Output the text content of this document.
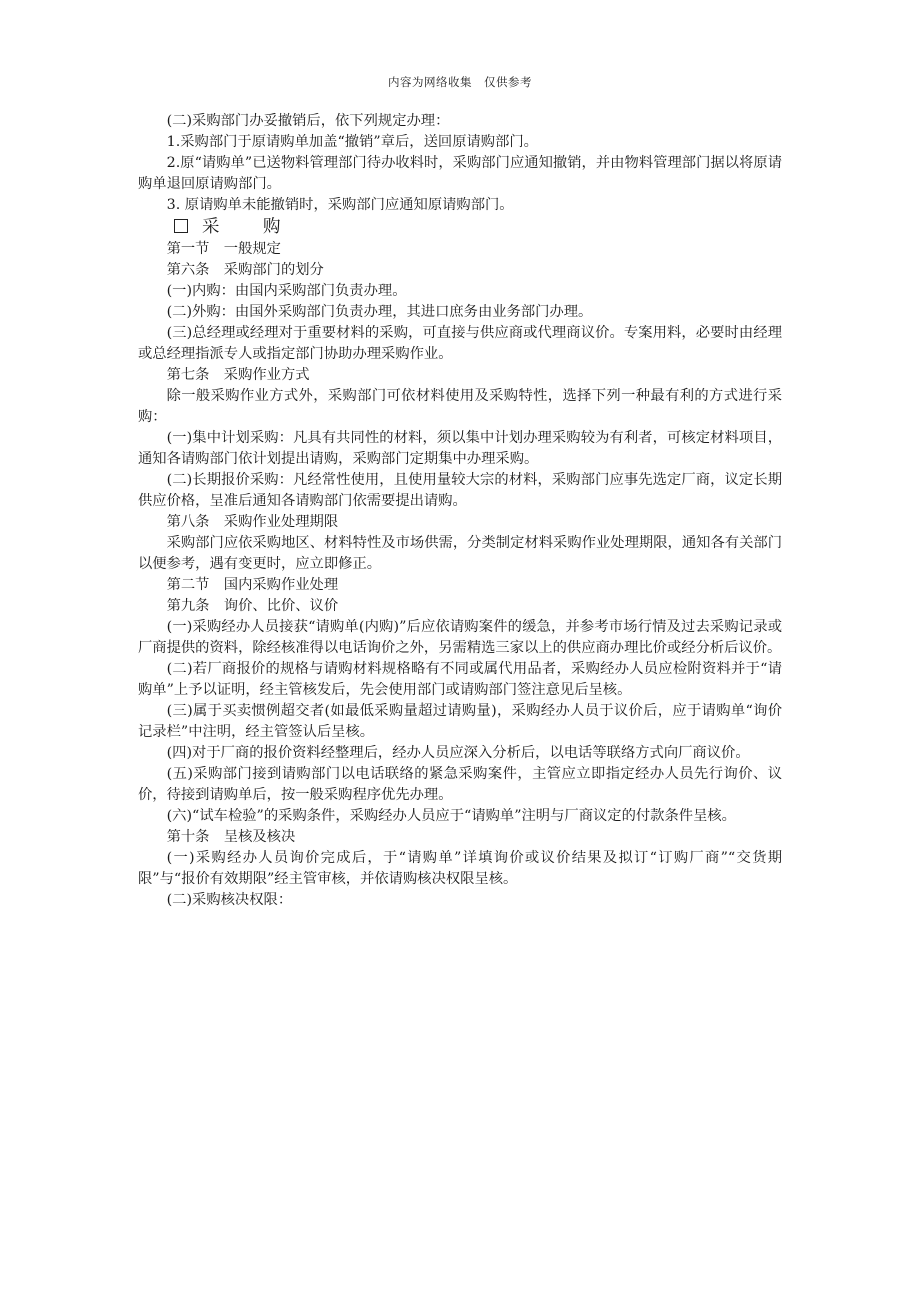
内容为网络收集　仅供参考

(二)采购部门办妥撤销后，依下列规定办理：

1.采购部门于原请购单加盖“撤销”章后，送回原请购部门。

2.原“请购单”已送物料管理部门待办收料时，采购部门应通知撤销，并由物料管理部门据以将原请购单退回原请购部门。

3. 原请购单未能撤销时，采购部门应通知原请购部门。

采　购

第一节　一般规定

第六条　采购部门的划分

(一)内购：由国内采购部门负责办理。

(二)外购：由国外采购部门负责办理，其进口庶务由业务部门办理。

(三)总经理或经理对于重要材料的采购，可直接与供应商或代理商议价。专案用料，必要时由经理或总经理指派专人或指定部门协助办理采购作业。

第七条　采购作业方式

除一般采购作业方式外，采购部门可依材料使用及采购特性，选择下列一种最有利的方式进行采购：

(一)集中计划采购：凡具有共同性的材料，须以集中计划办理采购较为有利者，可核定材料项目，通知各请购部门依计划提出请购，采购部门定期集中办理采购。

(二)长期报价采购：凡经常性使用，且使用量较大宗的材料，采购部门应事先选定厂商，议定长期供应价格，呈准后通知各请购部门依需要提出请购。

第八条　采购作业处理期限

采购部门应依采购地区、材料特性及市场供需，分类制定材料采购作业处理期限，通知各有关部门以便参考，遇有变更时，应立即修正。

第二节　国内采购作业处理

第九条　询价、比价、议价

(一)采购经办人员接获“请购单(内购)”后应依请购案件的缓急，并参考市场行情及过去采购记录或厂商提供的资料，除经核准得以电话询价之外，另需精选三家以上的供应商办理比价或经分析后议价。

(二)若厂商报价的规格与请购材料规格略有不同或属代用品者，采购经办人员应检附资料并于“请购单”上予以证明，经主管核发后，先会使用部门或请购部门签注意见后呈核。

(三)属于买卖惯例超交者(如最低采购量超过请购量)，采购经办人员于议价后，应于请购单“询价记录栏”中注明，经主管签认后呈核。

(四)对于厂商的报价资料经整理后，经办人员应深入分析后，以电话等联络方式向厂商议价。

(五)采购部门接到请购部门以电话联络的紧急采购案件，主管应立即指定经办人员先行询价、议价，待接到请购单后，按一般采购程序优先办理。

(六)“试车检验”的采购条件，采购经办人员应于“请购单”注明与厂商议定的付款条件呈核。

第十条　呈核及核决

(一)采购经办人员询价完成后，于“请购单”详填询价或议价结果及拟订“订购厂商”“交货期限”与“报价有效期限”经主管审核，并依请购核决权限呈核。

(二)采购核决权限：
